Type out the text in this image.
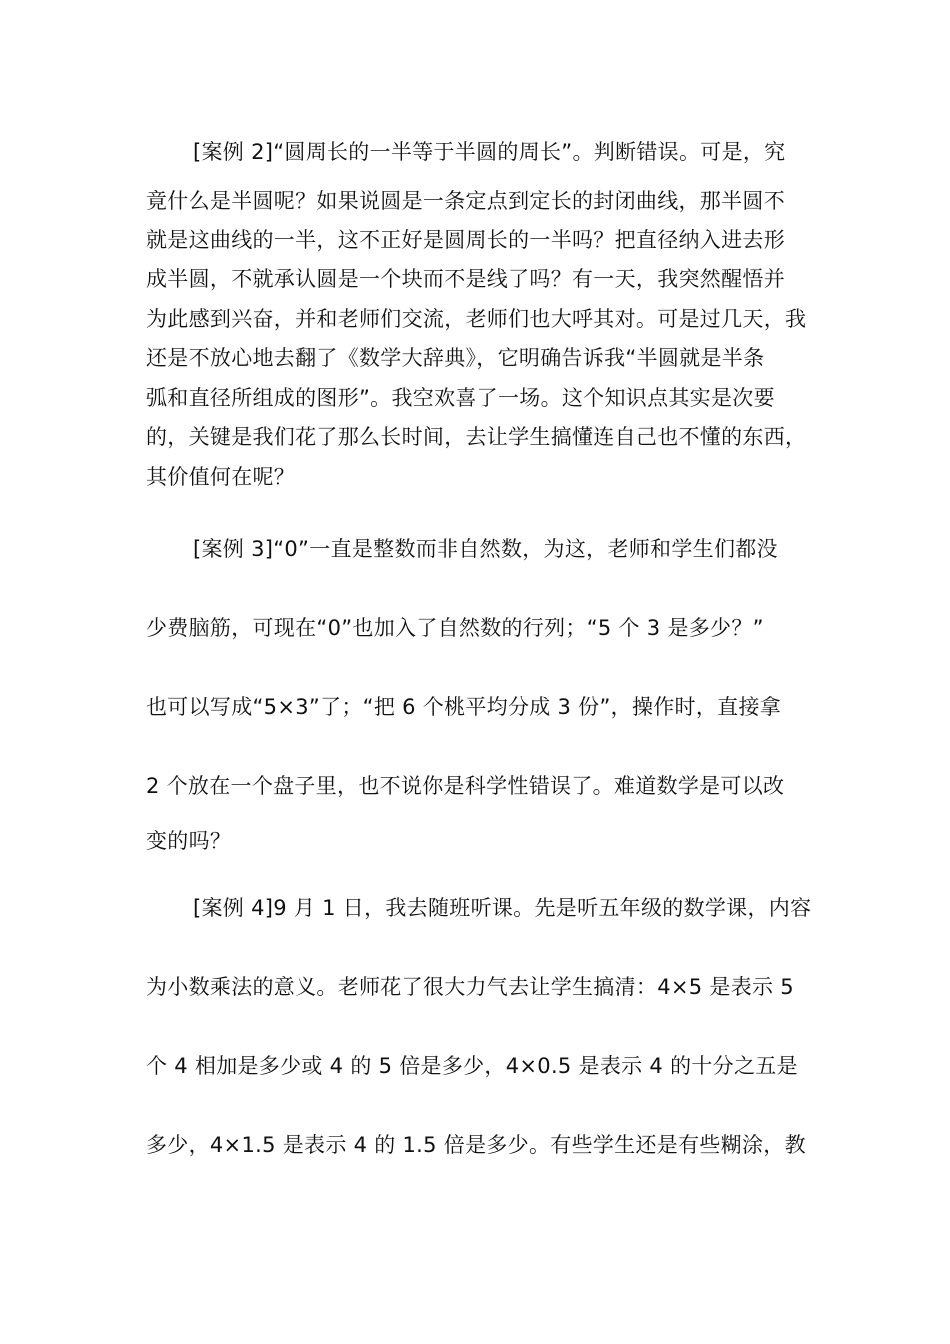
[案例 2]“圆周长的一半等于半圆的周长”。判断错误。可是，究
竟什么是半圆呢？如果说圆是一条定点到定长的封闭曲线，那半圆不
就是这曲线的一半，这不正好是圆周长的一半吗？把直径纳入进去形
成半圆，不就承认圆是一个块而不是线了吗？有一天，我突然醒悟并
为此感到兴奋，并和老师们交流，老师们也大呼其对。可是过几天，我
还是不放心地去翻了《数学大辞典》，它明确告诉我“半圆就是半条
弧和直径所组成的图形”。我空欢喜了一场。这个知识点其实是次要
的，关键是我们花了那么长时间，去让学生搞懂连自己也不懂的东西，
其价值何在呢？
[案例 3]“0”一直是整数而非自然数，为这，老师和学生们都没
少费脑筋，可现在“0”也加入了自然数的行列；“5 个 3 是多少？”
也可以写成“5×3”了；“把 6 个桃平均分成 3 份”，操作时，直接拿
2 个放在一个盘子里，也不说你是科学性错误了。难道数学是可以改
变的吗？
[案例 4]9 月 1 日，我去随班听课。先是听五年级的数学课，内容
为小数乘法的意义。老师花了很大力气去让学生搞清：4×5 是表示 5
个 4 相加是多少或 4 的 5 倍是多少，4×0.5 是表示 4 的十分之五是
多少，4×1.5 是表示 4 的 1.5 倍是多少。有些学生还是有些糊涂，教
